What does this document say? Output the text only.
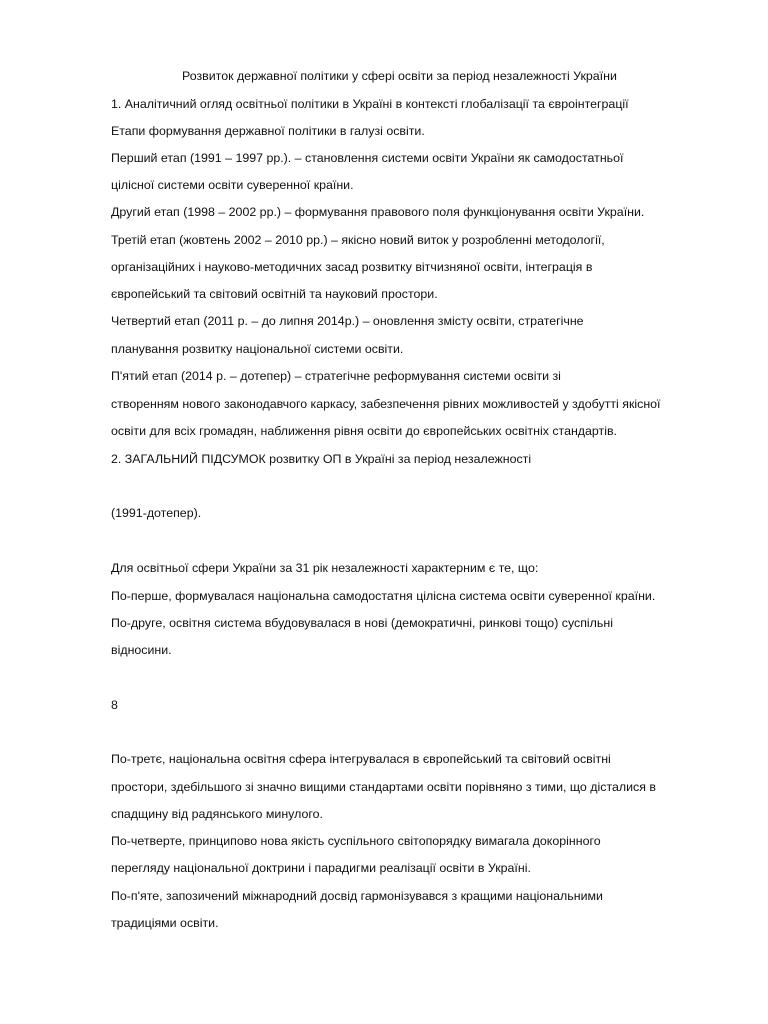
Розвиток державної політики у сфері освіти за період незалежності України
1. Аналітичний огляд освітньої політики в Україні в контексті глобалізації та євроінтеграції
Етапи формування державної політики в галузі освіти.
Перший етап (1991 – 1997 рр.). – становлення системи освіти України як самодостатньої
цілісної системи освіти суверенної країни.
Другий етап (1998 – 2002 рр.) – формування правового поля функціонування освіти України.
Третій етап (жовтень 2002 – 2010 рр.) – якісно новий виток у розробленні методології,
організаційних і науково-методичних засад розвитку вітчизняної освіти, інтеграція в
європейський та світовий освітній та науковий простори.
Четвертий етап (2011 р. – до липня 2014р.) – оновлення змісту освіти, стратегічне
планування розвитку національної системи освіти.
П'ятий етап (2014 р. – дотепер) – стратегічне реформування системи освіти зі
створенням нового законодавчого каркасу, забезпечення рівних можливостей у здобутті якісної
освіти для всіх громадян, наближення рівня освіти до європейських освітніх стандартів.
2. ЗАГАЛЬНИЙ ПІДСУМОК розвитку ОП в Україні за період незалежності
(1991-дотепер).
Для освітньої сфери України за 31 рік незалежності характерним є те, що:
По-перше, формувалася національна самодостатня цілісна система освіти суверенної країни.
По-друге, освітня система вбудовувалася в нові (демократичні, ринкові тощо) суспільні
відносини.
8
По-третє, національна освітня сфера інтегрувалася в європейський та світовий освітні
простори, здебільшого зі значно вищими стандартами освіти порівняно з тими, що дісталися в
спадщину від радянського минулого.
По-четверте, принципово нова якість суспільного світопорядку вимагала докорінного
перегляду національної доктрини і парадигми реалізації освіти в Україні.
По-п'яте, запозичений міжнародний досвід гармонізувався з кращими національними
традиціями освіти.
